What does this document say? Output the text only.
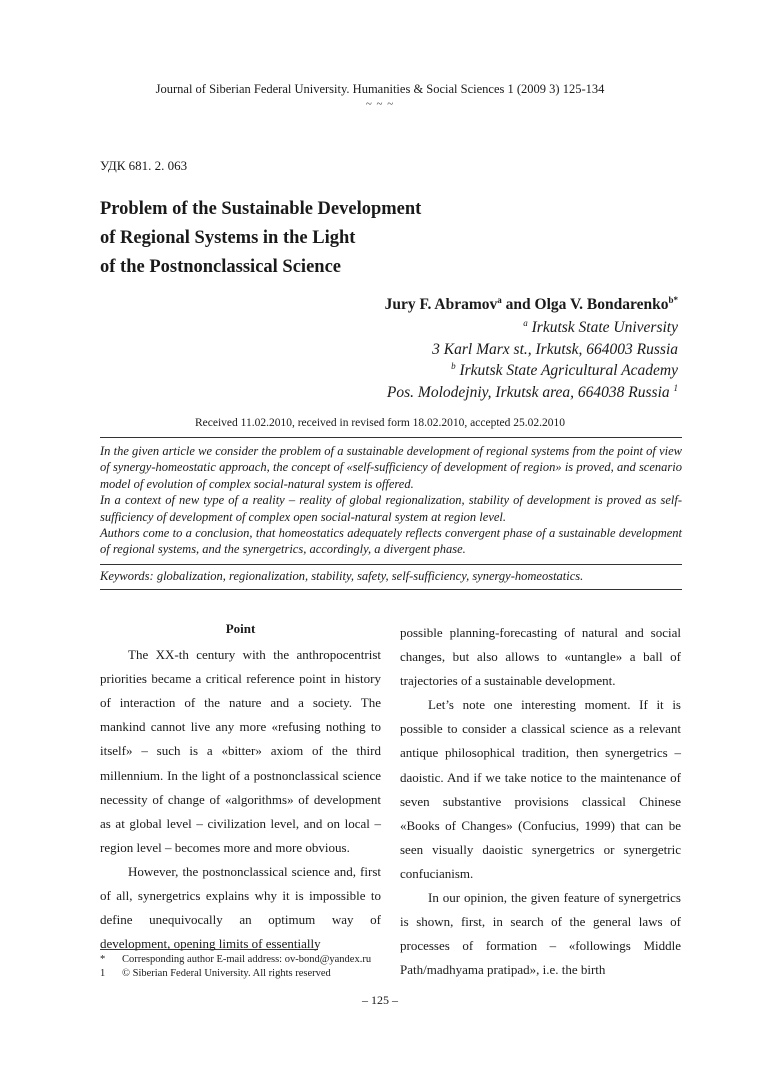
Journal of Siberian Federal University. Humanities & Social Sciences 1 (2009 3) 125-134
~ ~ ~
УДК 681. 2. 063
Problem of the Sustainable Development
of Regional Systems in the Light
of the Postnonclassical Science
Jury F. Abramov$^a$ and Olga V. Bondarenko$^{b*}$
$^a$ Irkutsk State University
3 Karl Marx st., Irkutsk, 664003 Russia
$^b$ Irkutsk State Agricultural Academy
Pos. Molodejniy, Irkutsk area, 664038 Russia $^1$
Received 11.02.2010, received in revised form 18.02.2010, accepted 25.02.2010

In the given article we consider the problem of a sustainable development of regional systems from the point of view of synergy-homeostatic approach, the concept of «self-sufficiency of development of region» is proved, and scenario model of evolution of complex social-natural system is offered.

In a context of new type of a reality – reality of global regionalization, stability of development is proved as self-sufficiency of development of complex open social-natural system at region level.

Authors come to a conclusion, that homeostatics adequately reflects convergent phase of a sustainable development of regional systems, and the synergetrics, accordingly, a divergent phase.

Keywords: globalization, regionalization, stability, safety, self-sufficiency, synergy-homeostatics.

Point

The XX-th century with the anthropocentrist priorities became a critical reference point in history of interaction of the nature and a society. The mankind cannot live any more «refusing nothing to itself» – such is a «bitter» axiom of the third millennium. In the light of a postnonclassical science necessity of change of «algorithms» of development as at global level – civilization level, and on local – region level – becomes more and more obvious.

However, the postnonclassical science and, first of all, synergetrics explains why it is impossible to define unequivocally an optimum way of development, opening limits of essentially

possible planning-forecasting of natural and social changes, but also allows to «untangle» a ball of trajectories of a sustainable development.

Let’s note one interesting moment. If it is possible to consider a classical science as a relevant antique philosophical tradition, then synergetrics – daoistic. And if we take notice to the maintenance of seven substantive provisions classical Chinese «Books of Changes» (Confucius, 1999) that can be seen visually daoistic synergetrics or synergetric confucianism.

In our opinion, the given feature of synergetrics is shown, first, in search of the general laws of processes of formation – «followings Middle Path/madhyama pratipad», i.e. the birth

*	Corresponding author E-mail address: ov-bond@yandex.ru
1	© Siberian Federal University. All rights reserved
– 125 –
